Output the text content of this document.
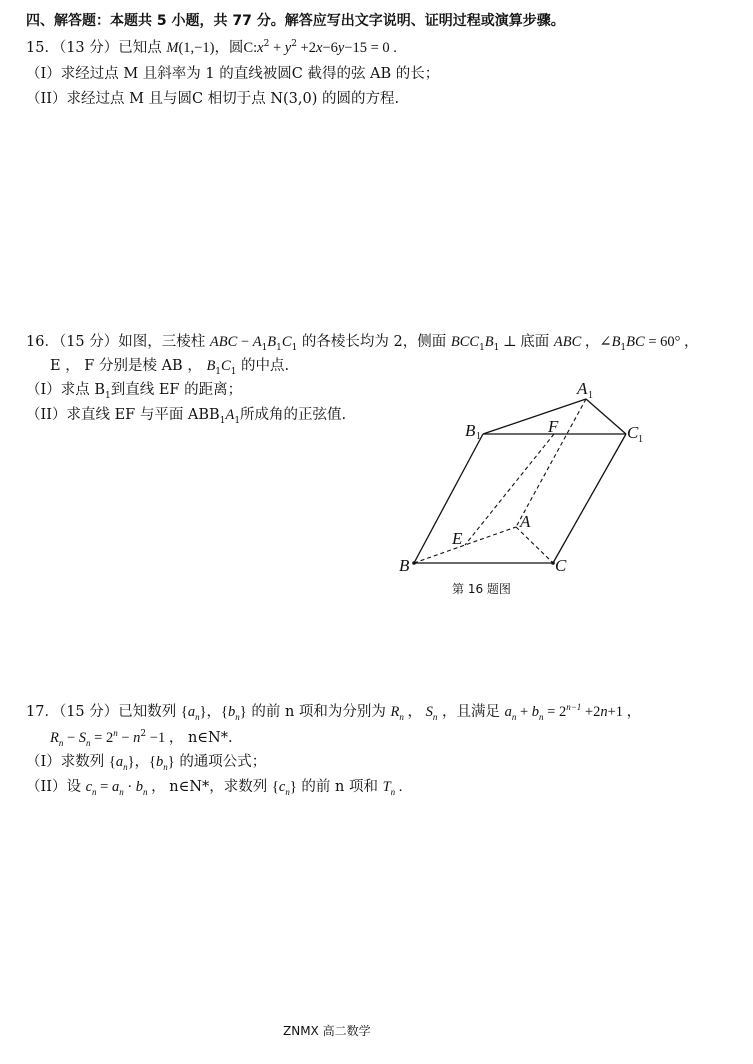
四、解答题：本题共 5 小题，共 77 分。解答应写出文字说明、证明过程或演算步骤。
15．（13 分）已知点 M(1,−1)，圆$C:x^2 + y^2 +2x-6y-15 = 0$ .
（I）求经过点 M 且斜率为 1 的直线被圆C 截得的弦 AB 的长；
（II）求经过点 M 且与圆C 相切于点 N(3,0) 的圆的方程.
16．（15 分）如图，三棱柱 ABC − $A_1B_1C_1$ 的各棱长均为 2，侧面 $BCC_1B_1$ ⊥ 底面 ABC ，$\angle B_1BC = 60^\circ$ ，
E ， F 分别是棱 AB ， $B_1C_1$ 的中点.
（I）求点 $B_1$到直线 EF 的距离；
（II）求直线 EF 与平面 $ABB_1A_1$所成角的正弦值.
A 1
B 1
F	C 1
A
E
B	C
第 16 题图
17．（15 分）已知数列 $\{a_n\}$，$\{b_n\}$ 的前 n 项和为分别为 $R_n$ ， $S_n$ ，且满足 $a_n + b_n = 2^{n-1} +2n+1$ ，
$R_n - S_n = 2^n - n^2 -1$ ， n∈N*.
（I）求数列 $\{a_n\}$，$\{b_n\}$ 的通项公式；
（II）设 $c_n = a_n \cdot b_n$ ， n∈N*，求数列 $\{c_n\}$ 的前 n 项和 $T_n$ .
ZNMX 高二数学
